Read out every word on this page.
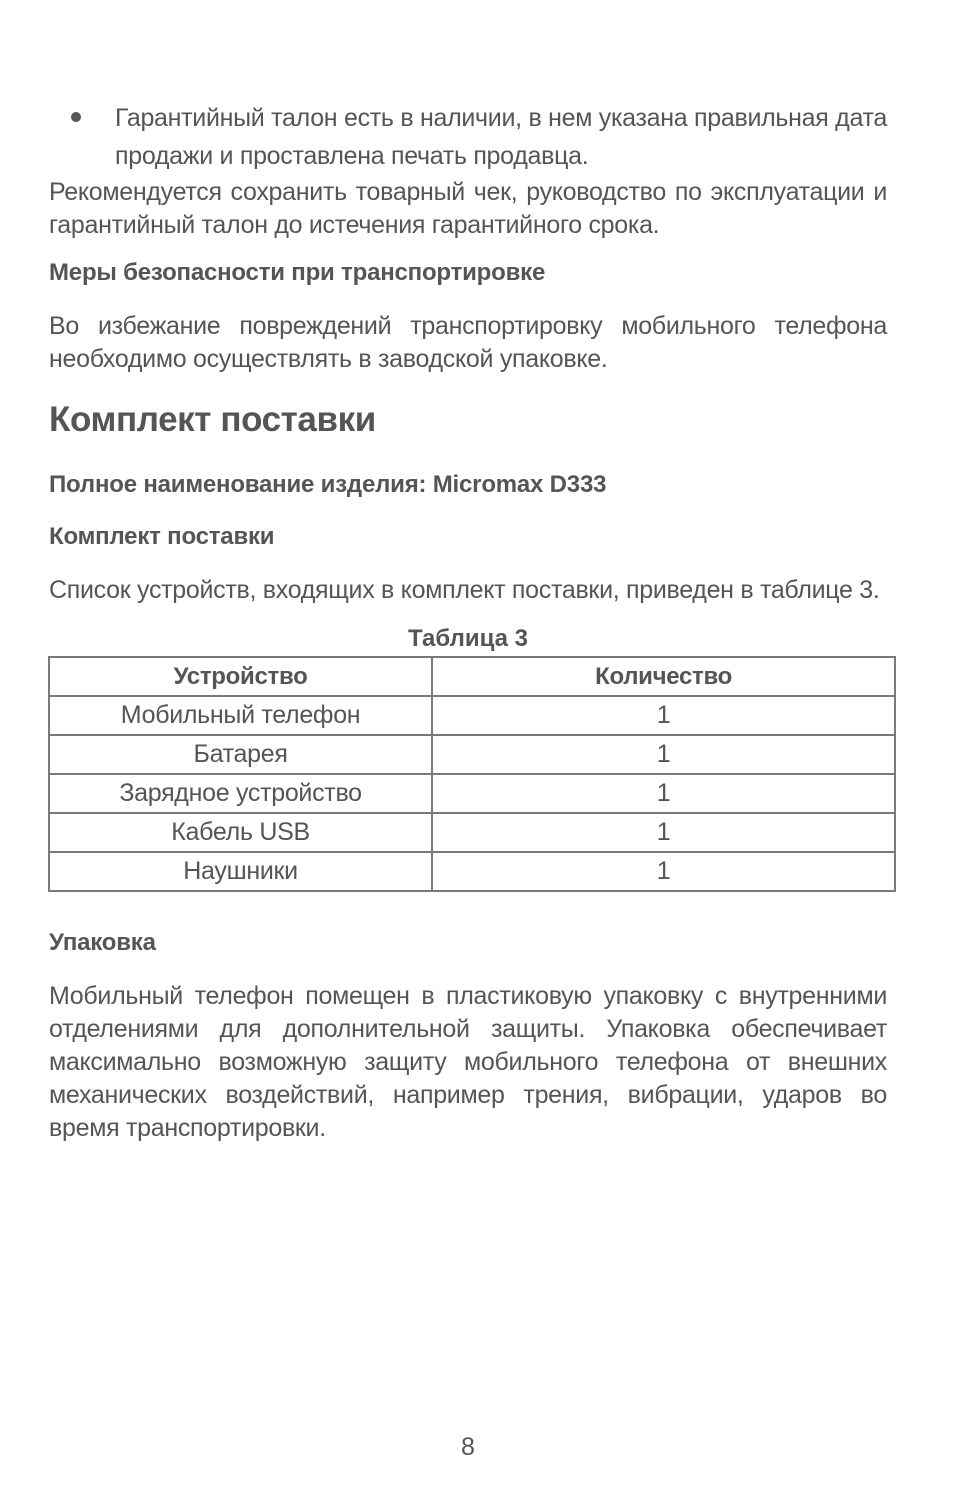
Гарантийный талон есть в наличии, в нем указана правильная дата продажи и проставлена печать продавца.
Рекомендуется сохранить товарный чек, руководство по эксплуатации и гарантийный талон до истечения гарантийного срока.
Меры безопасности при транспортировке
Во избежание повреждений транспортировку мобильного телефона необходимо осуществлять в заводской упаковке.
Комплект поставки
Полное наименование изделия: Micromax D333
Комплект поставки
Список устройств, входящих в комплект поставки, приведен в таблице 3.
Таблица 3
Устройство	Количество
Мобильный телефон	1
Батарея	1
Зарядное устройство	1
Кабель USB	1
Наушники	1
Упаковка
Мобильный телефон помещен в пластиковую упаковку с внутренними отделениями для дополнительной защиты. Упаковка обеспечивает максимально возможную защиту мобильного телефона от внешних механических воздействий, например трения, вибрации, ударов во время транспортировки.
8
